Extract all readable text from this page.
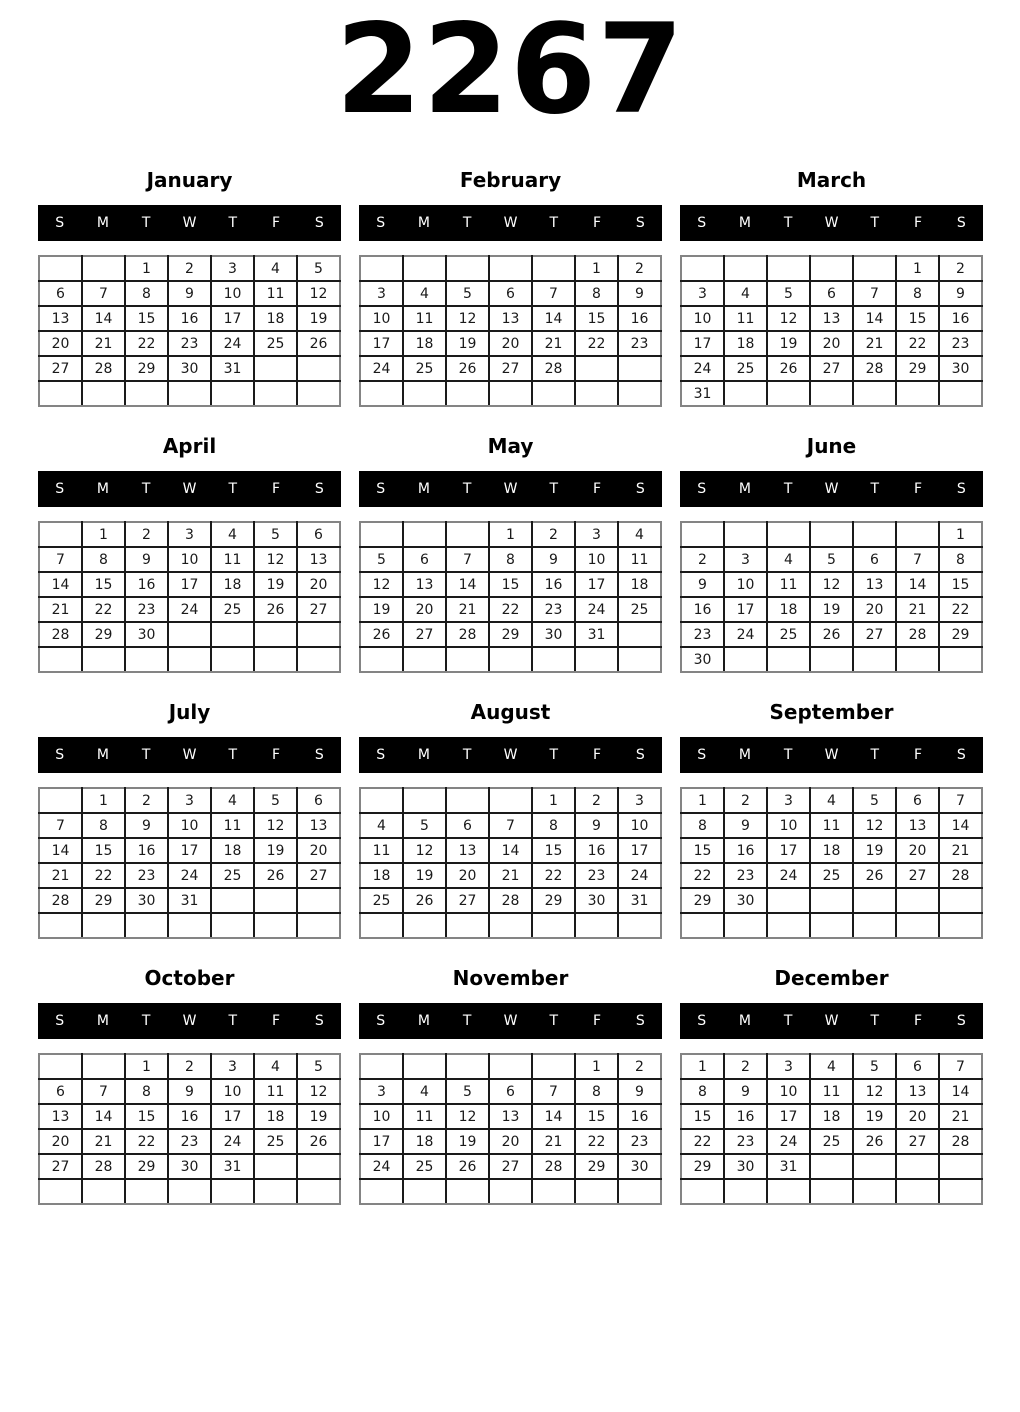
2267
January
S	M	T	W	T	F	S
		1	2	3	4	5
6	7	8	9	10	11	12
13	14	15	16	17	18	19
20	21	22	23	24	25	26
27	28	29	30	31		

February
S	M	T	W	T	F	S
					1	2
3	4	5	6	7	8	9
10	11	12	13	14	15	16
17	18	19	20	21	22	23
24	25	26	27	28		

March
S	M	T	W	T	F	S
					1	2
3	4	5	6	7	8	9
10	11	12	13	14	15	16
17	18	19	20	21	22	23
24	25	26	27	28	29	30
31						
April
S	M	T	W	T	F	S
	1	2	3	4	5	6
7	8	9	10	11	12	13
14	15	16	17	18	19	20
21	22	23	24	25	26	27
28	29	30				

May
S	M	T	W	T	F	S
			1	2	3	4
5	6	7	8	9	10	11
12	13	14	15	16	17	18
19	20	21	22	23	24	25
26	27	28	29	30	31	

June
S	M	T	W	T	F	S
						1
2	3	4	5	6	7	8
9	10	11	12	13	14	15
16	17	18	19	20	21	22
23	24	25	26	27	28	29
30						
July
S	M	T	W	T	F	S
	1	2	3	4	5	6
7	8	9	10	11	12	13
14	15	16	17	18	19	20
21	22	23	24	25	26	27
28	29	30	31			

August
S	M	T	W	T	F	S
				1	2	3
4	5	6	7	8	9	10
11	12	13	14	15	16	17
18	19	20	21	22	23	24
25	26	27	28	29	30	31

September
S	M	T	W	T	F	S
1	2	3	4	5	6	7
8	9	10	11	12	13	14
15	16	17	18	19	20	21
22	23	24	25	26	27	28
29	30					

October
S	M	T	W	T	F	S
		1	2	3	4	5
6	7	8	9	10	11	12
13	14	15	16	17	18	19
20	21	22	23	24	25	26
27	28	29	30	31		

November
S	M	T	W	T	F	S
					1	2
3	4	5	6	7	8	9
10	11	12	13	14	15	16
17	18	19	20	21	22	23
24	25	26	27	28	29	30

December
S	M	T	W	T	F	S
1	2	3	4	5	6	7
8	9	10	11	12	13	14
15	16	17	18	19	20	21
22	23	24	25	26	27	28
29	30	31				
